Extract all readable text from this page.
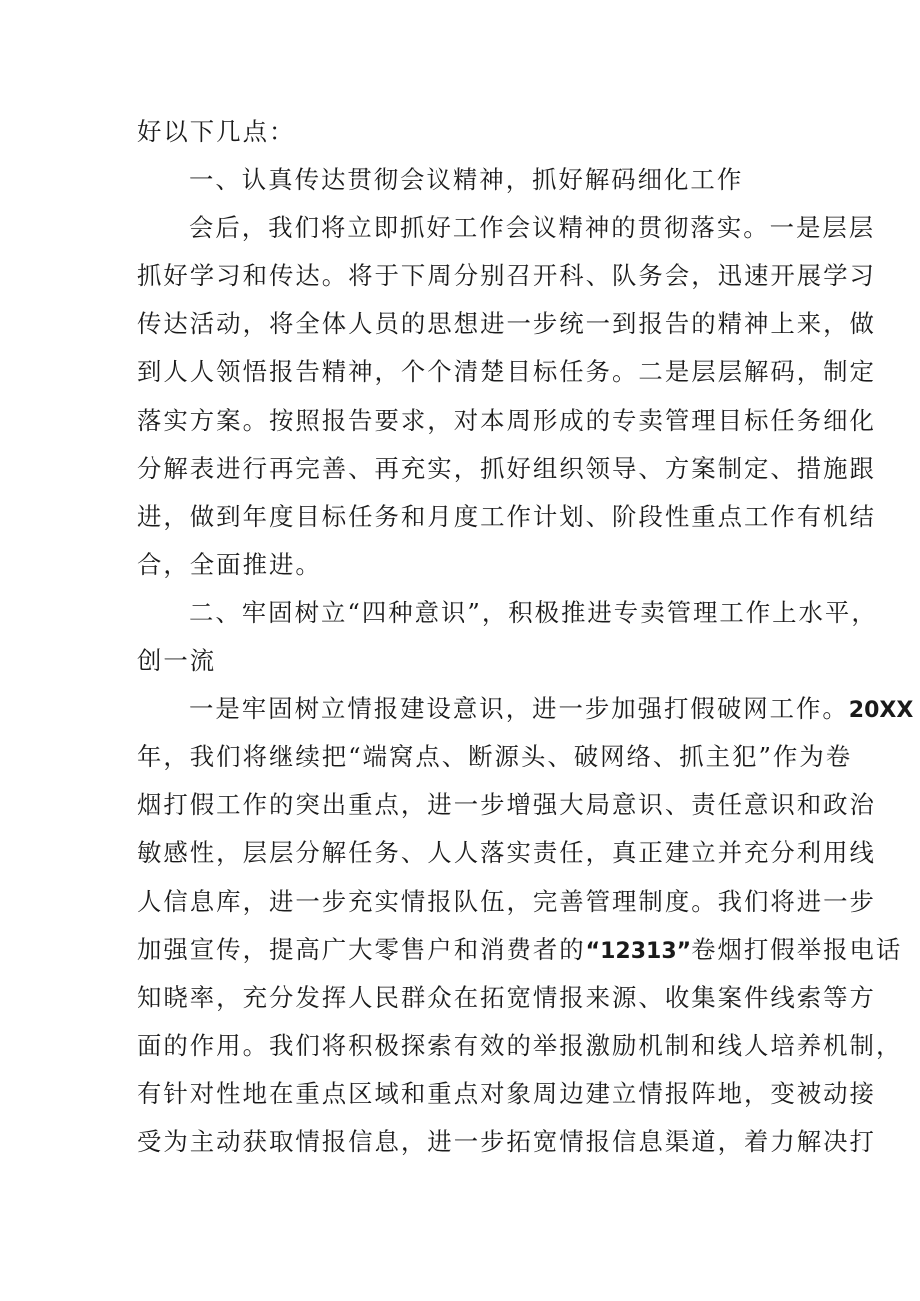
好以下几点：
一、认真传达贯彻会议精神，抓好解码细化工作
会后，我们将立即抓好工作会议精神的贯彻落实。一是层层
抓好学习和传达。将于下周分别召开科、队务会，迅速开展学习
传达活动，将全体人员的思想进一步统一到报告的精神上来，做
到人人领悟报告精神，个个清楚目标任务。二是层层解码，制定
落实方案。按照报告要求，对本周形成的专卖管理目标任务细化
分解表进行再完善、再充实，抓好组织领导、方案制定、措施跟
进，做到年度目标任务和月度工作计划、阶段性重点工作有机结
合，全面推进。
二、牢固树立“四种意识”，积极推进专卖管理工作上水平，
创一流
一是牢固树立情报建设意识，进一步加强打假破网工作。20XX
年，我们将继续把“端窝点、断源头、破网络、抓主犯”作为卷
烟打假工作的突出重点，进一步增强大局意识、责任意识和政治
敏感性，层层分解任务、人人落实责任，真正建立并充分利用线
人信息库，进一步充实情报队伍，完善管理制度。我们将进一步
加强宣传，提高广大零售户和消费者的“12313”卷烟打假举报电话
知晓率，充分发挥人民群众在拓宽情报来源、收集案件线索等方
面的作用。我们将积极探索有效的举报激励机制和线人培养机制，
有针对性地在重点区域和重点对象周边建立情报阵地，变被动接
受为主动获取情报信息，进一步拓宽情报信息渠道，着力解决打
